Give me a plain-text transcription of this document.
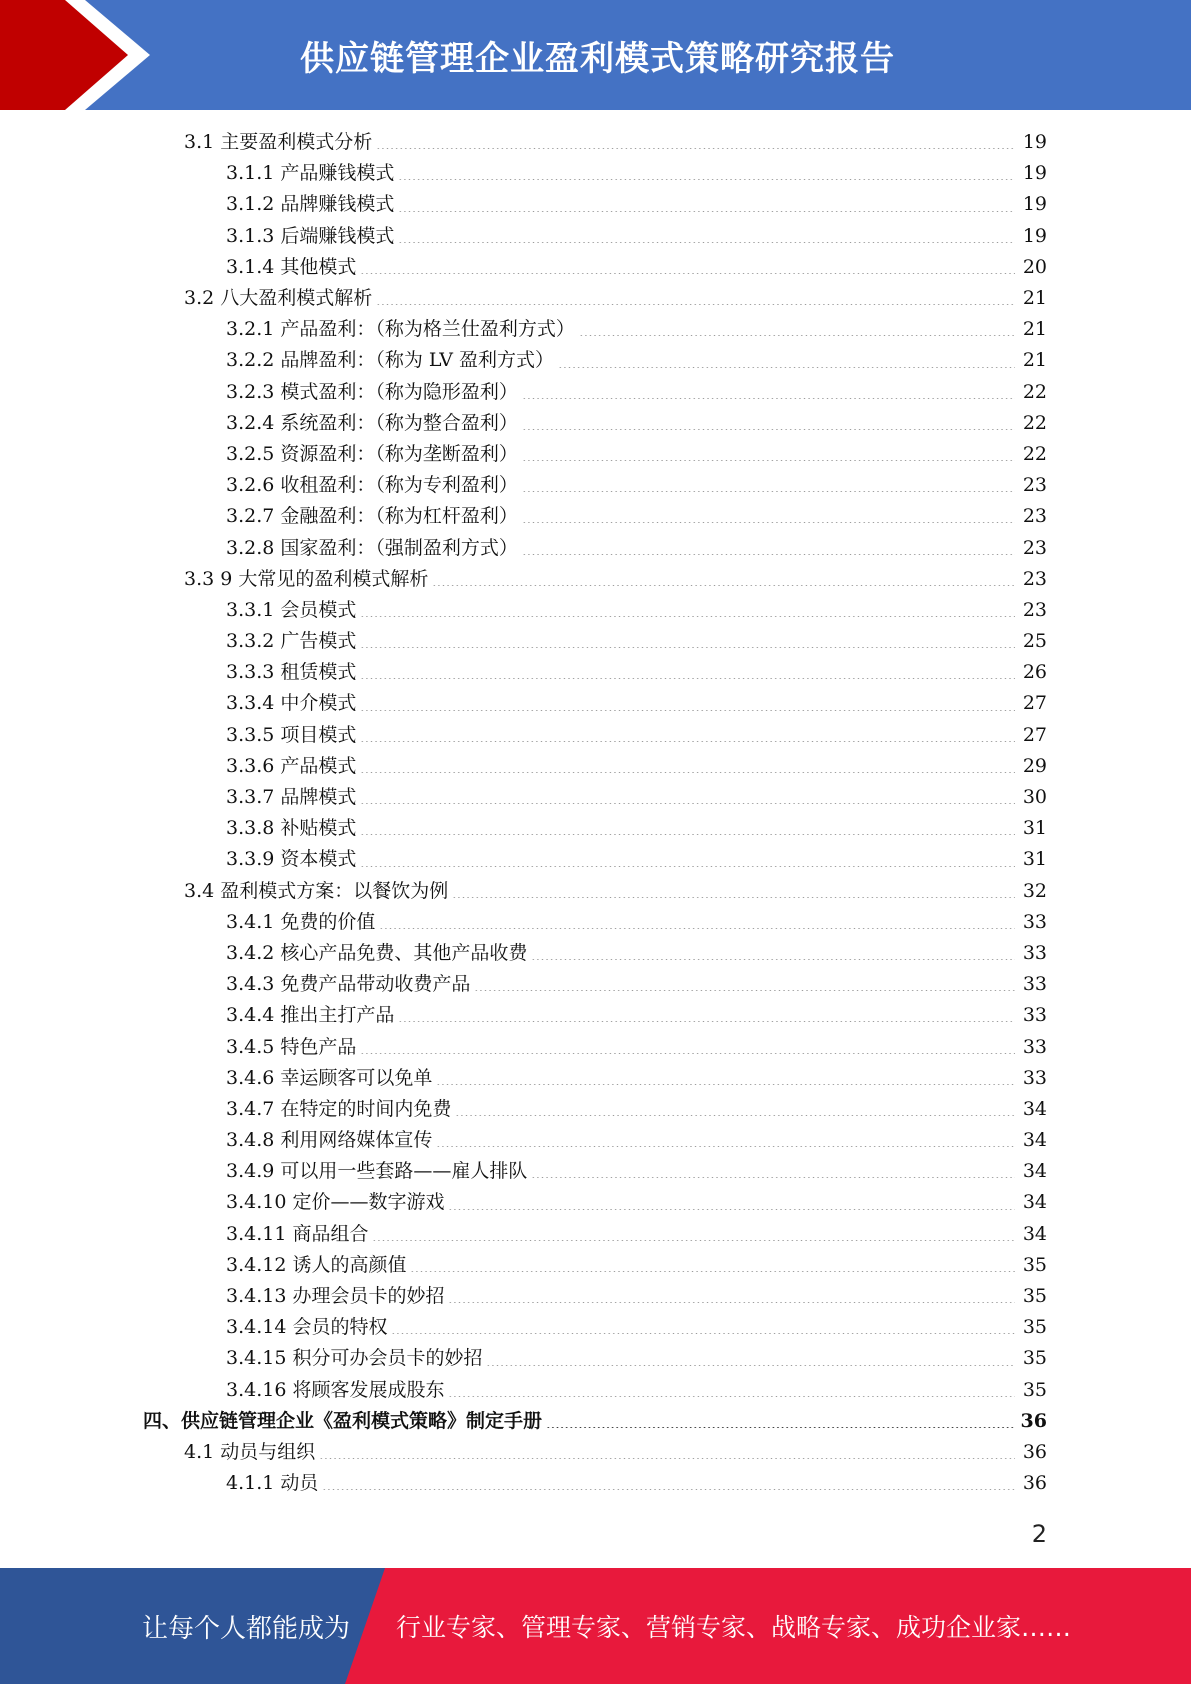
供应链管理企业盈利模式策略研究报告
3.1 主要盈利模式分析	19
3.1.1 产品赚钱模式	19
3.1.2 品牌赚钱模式	19
3.1.3 后端赚钱模式	19
3.1.4 其他模式	20
3.2 八大盈利模式解析	21
3.2.1 产品盈利：（称为格兰仕盈利方式）	21
3.2.2 品牌盈利：（称为 LV 盈利方式）	21
3.2.3 模式盈利：（称为隐形盈利）	22
3.2.4 系统盈利：（称为整合盈利）	22
3.2.5 资源盈利：（称为垄断盈利）	22
3.2.6 收租盈利：（称为专利盈利）	23
3.2.7 金融盈利：（称为杠杆盈利）	23
3.2.8 国家盈利：（强制盈利方式）	23
3.3 9 大常见的盈利模式解析	23
3.3.1 会员模式	23
3.3.2 广告模式	25
3.3.3 租赁模式	26
3.3.4 中介模式	27
3.3.5 项目模式	27
3.3.6 产品模式	29
3.3.7 品牌模式	30
3.3.8 补贴模式	31
3.3.9 资本模式	31
3.4 盈利模式方案：以餐饮为例	32
3.4.1 免费的价值	33
3.4.2 核心产品免费、其他产品收费	33
3.4.3 免费产品带动收费产品	33
3.4.4 推出主打产品	33
3.4.5 特色产品	33
3.4.6 幸运顾客可以免单	33
3.4.7 在特定的时间内免费	34
3.4.8 利用网络媒体宣传	34
3.4.9 可以用一些套路——雇人排队	34
3.4.10 定价——数字游戏	34
3.4.11 商品组合	34
3.4.12 诱人的高颜值	35
3.4.13 办理会员卡的妙招	35
3.4.14 会员的特权	35
3.4.15 积分可办会员卡的妙招	35
3.4.16 将顾客发展成股东	35
四、供应链管理企业《盈利模式策略》制定手册	36
4.1 动员与组织	36
4.1.1 动员	36
2
让每个人都能成为 行业专家、管理专家、营销专家、战略专家、成功企业家……
